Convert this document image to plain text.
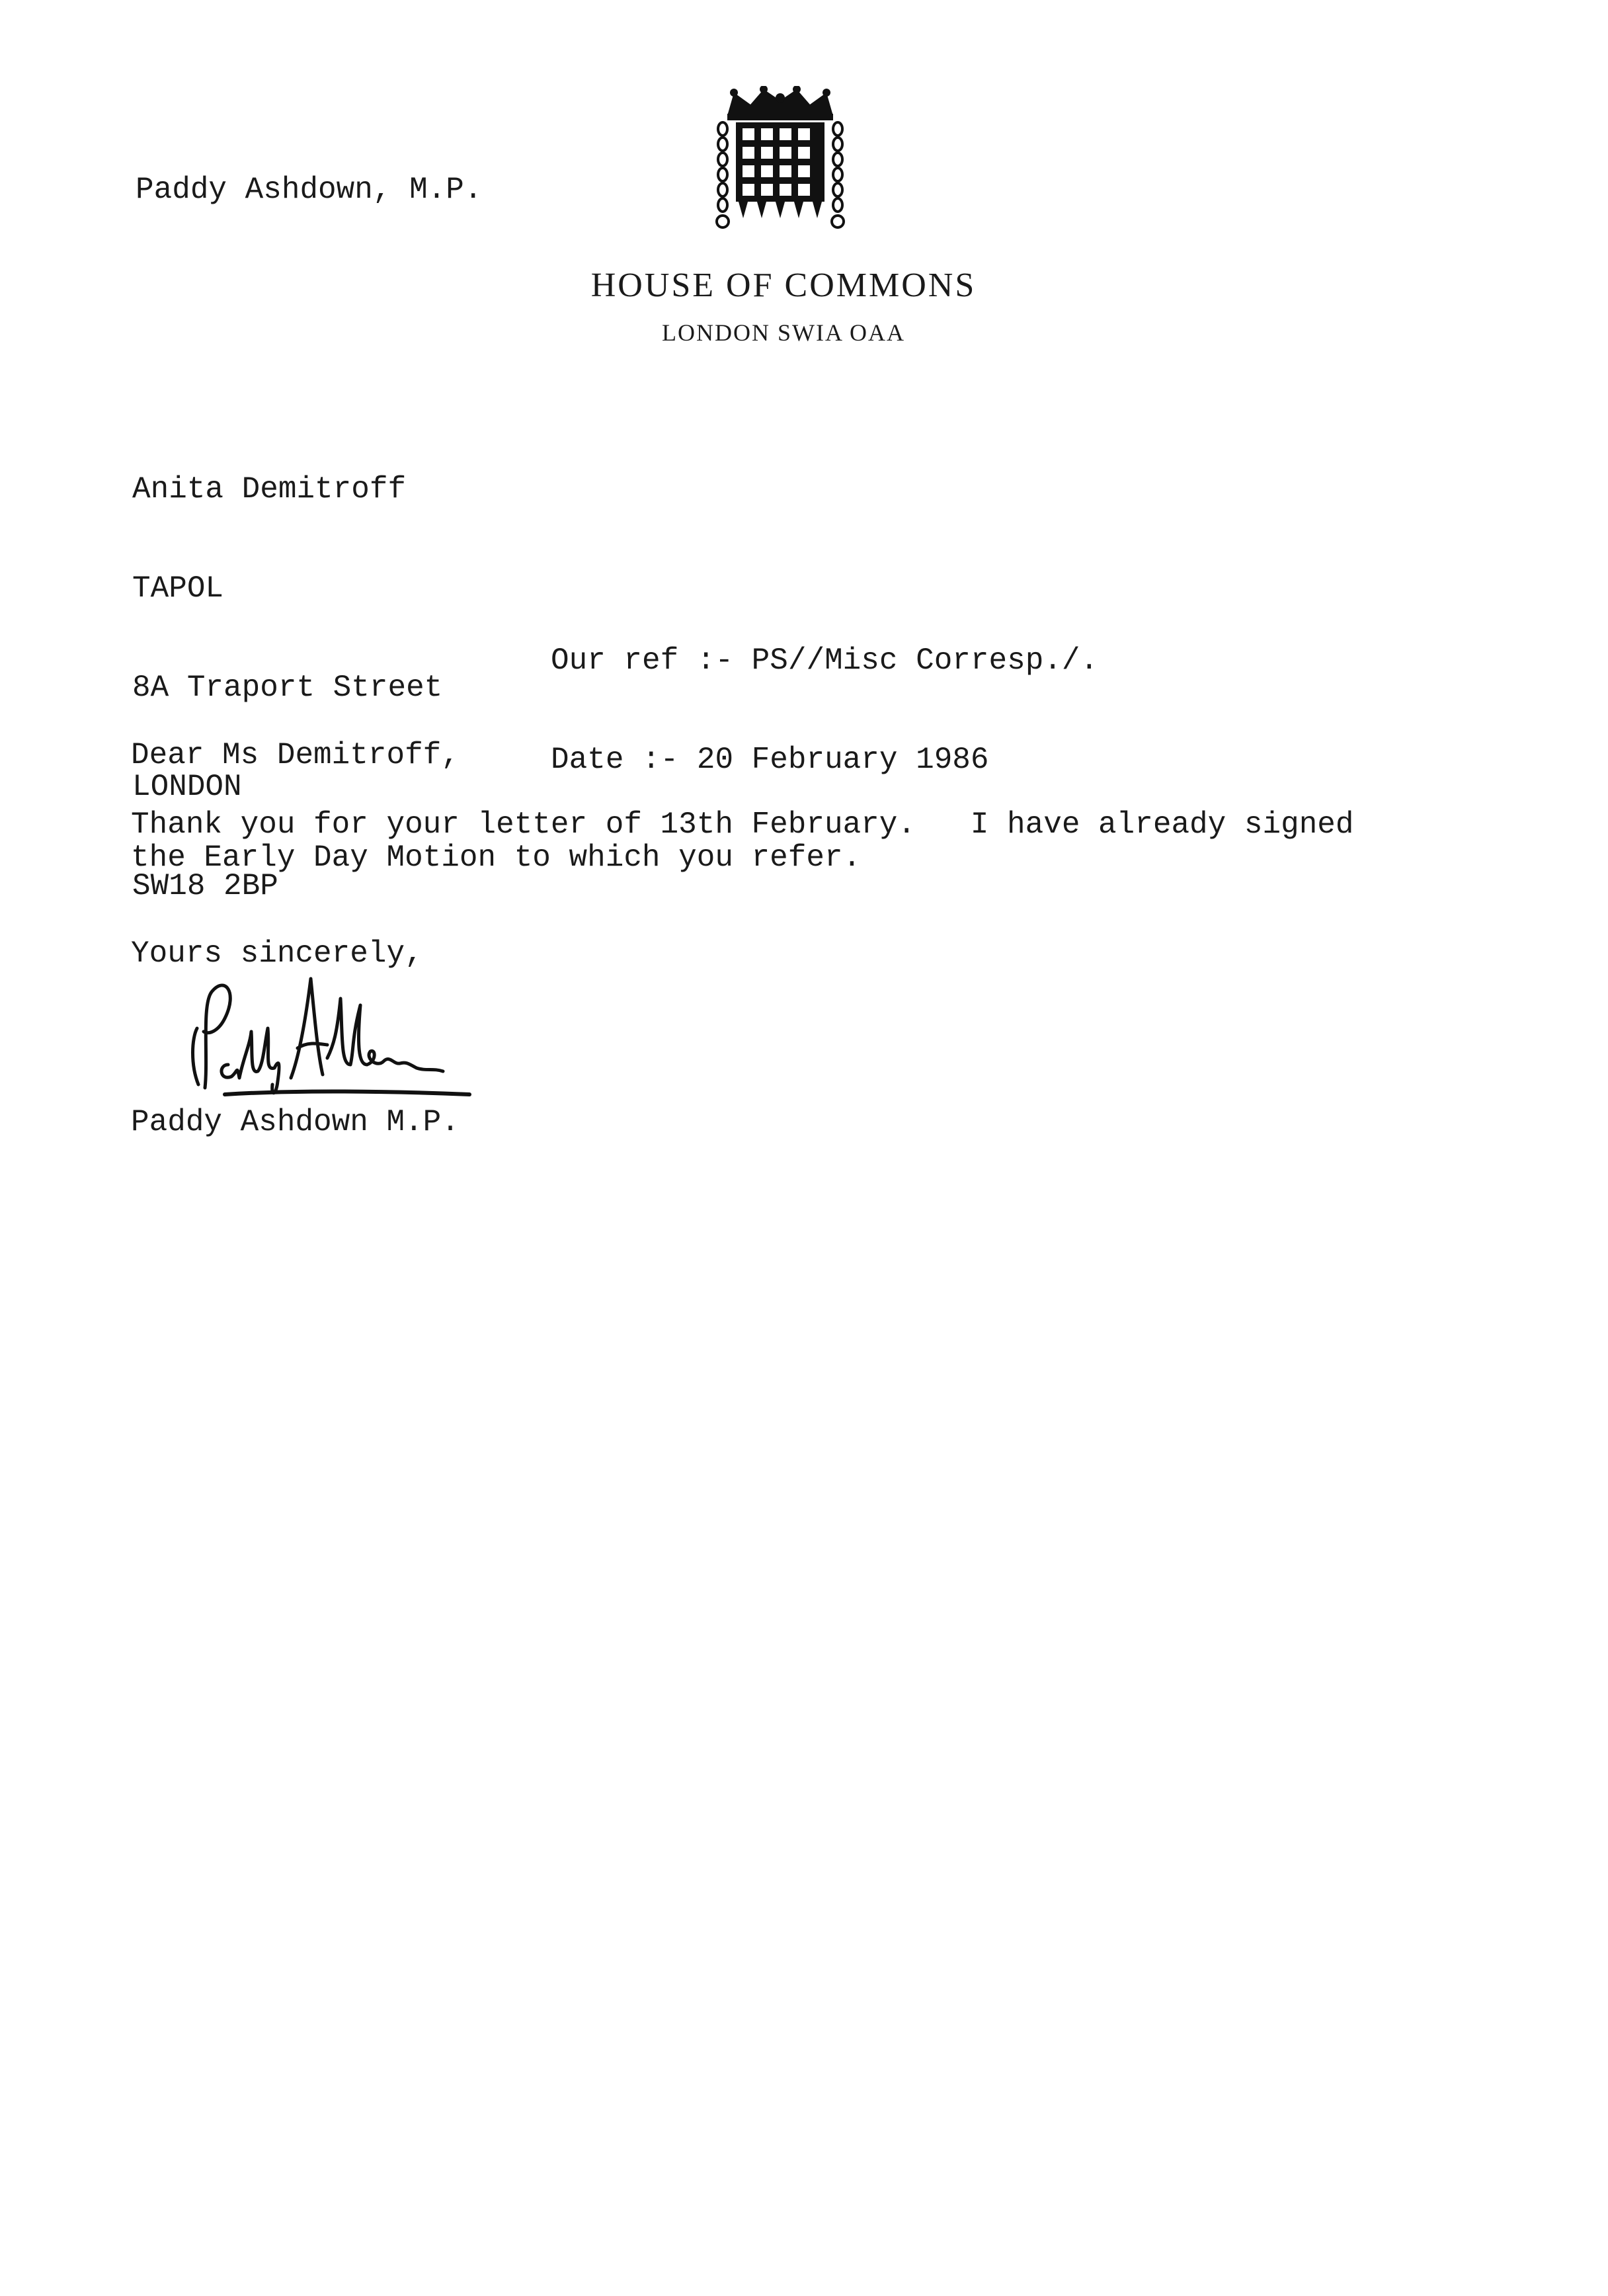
Paddy Ashdown, M.P.
HOUSE OF COMMONS
LONDON SWIA OAA

Anita Demitroff

TAPOL

8A Traport Street

LONDON

SW18 2BP

Our ref :- PS//Misc Corresp./.

Date :- 20 February 1986

Dear Ms Demitroff,
Thank you for your letter of 13th February.   I have already signed
the Early Day Motion to which you refer.
Yours sincerely,
Paddy Ashdown M.P.
